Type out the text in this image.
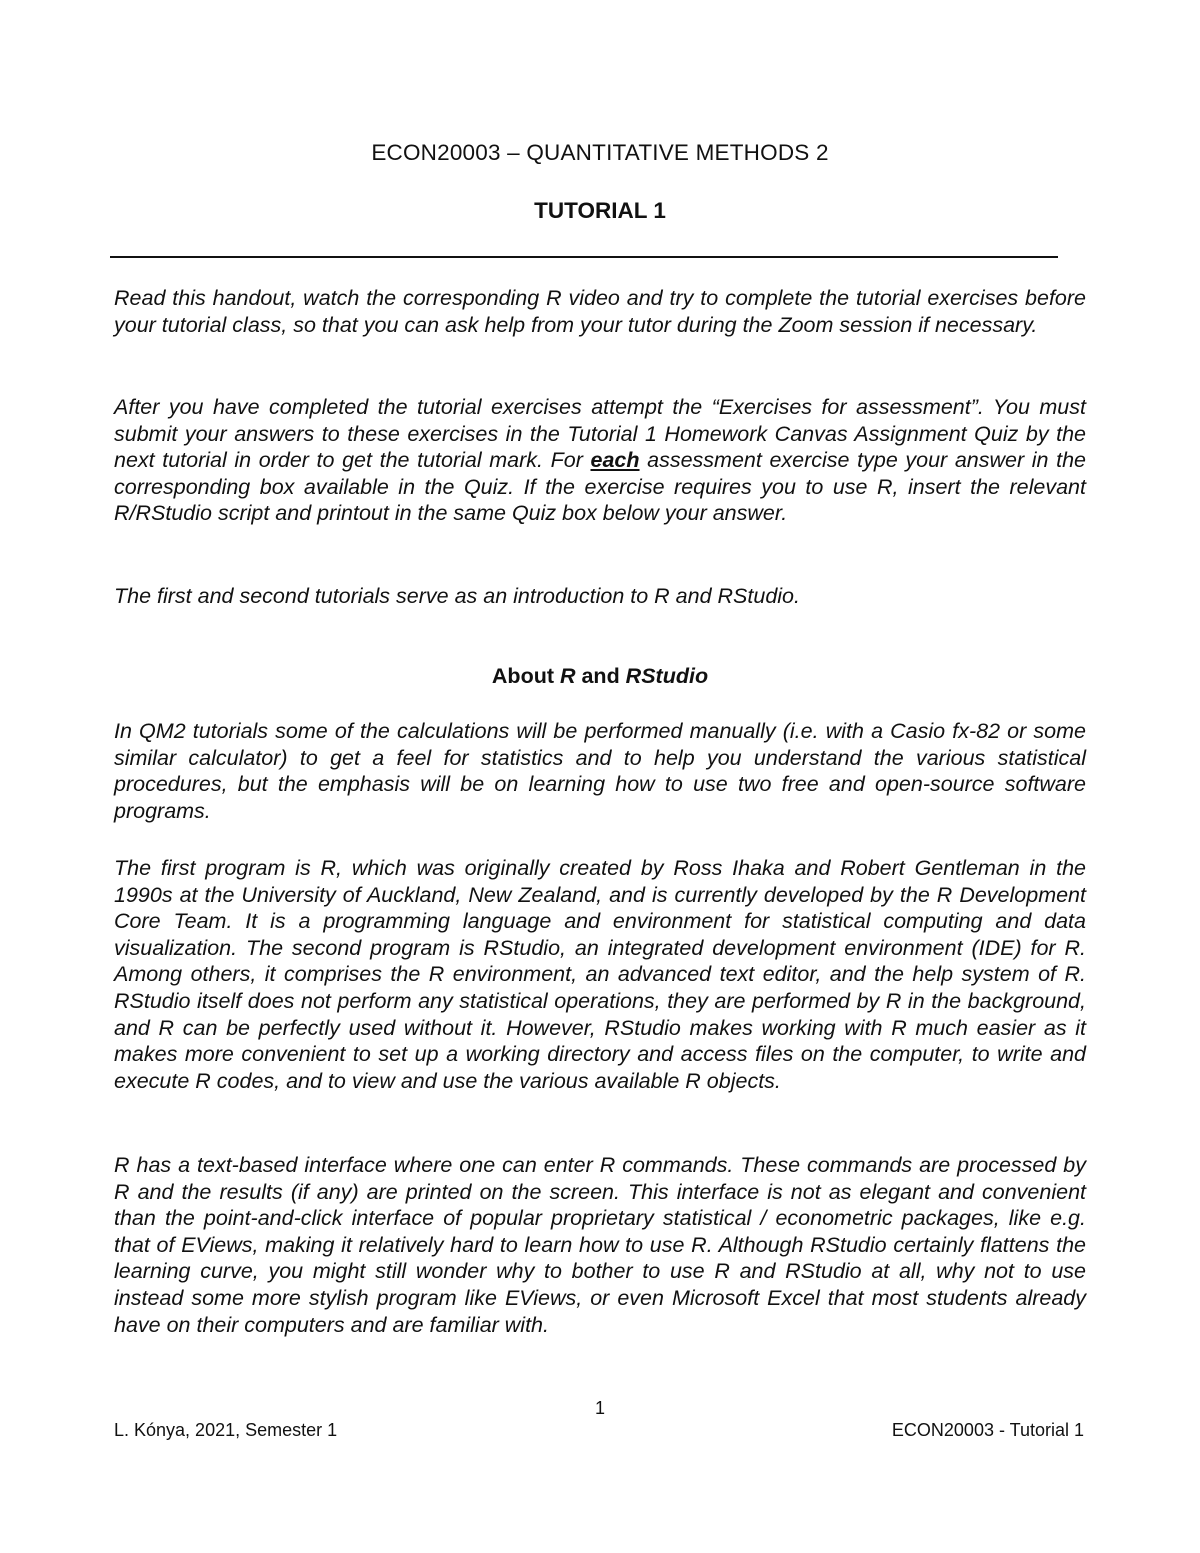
ECON20003 – QUANTITATIVE METHODS 2
TUTORIAL 1

Read this handout, watch the corresponding R video and try to complete the tutorial exercises before your tutorial class, so that you can ask help from your tutor during the Zoom session if necessary.

After you have completed the tutorial exercises attempt the “Exercises for assessment”. You must submit your answers to these exercises in the Tutorial 1 Homework Canvas Assignment Quiz by the next tutorial in order to get the tutorial mark. For each assessment exercise type your answer in the corresponding box available in the Quiz. If the exercise requires you to use R, insert the relevant R/RStudio script and printout in the same Quiz box below your answer.

The first and second tutorials serve as an introduction to R and RStudio.

About R and RStudio

In QM2 tutorials some of the calculations will be performed manually (i.e. with a Casio fx-82 or some similar calculator) to get a feel for statistics and to help you understand the various statistical procedures, but the emphasis will be on learning how to use two free and open-source software programs.

The first program is R, which was originally created by Ross Ihaka and Robert Gentleman in the 1990s at the University of Auckland, New Zealand, and is currently developed by the R Development Core Team. It is a programming language and environment for statistical computing and data visualization. The second program is RStudio, an integrated development environment (IDE) for R. Among others, it comprises the R environment, an advanced text editor, and the help system of R. RStudio itself does not perform any statistical operations, they are performed by R in the background, and R can be perfectly used without it. However, RStudio makes working with R much easier as it makes more convenient to set up a working directory and access files on the computer, to write and execute R codes, and to view and use the various available R objects.

R has a text-based interface where one can enter R commands. These commands are processed by R and the results (if any) are printed on the screen. This interface is not as elegant and convenient than the point-and-click interface of popular proprietary statistical / econometric packages, like e.g. that of EViews, making it relatively hard to learn how to use R. Although RStudio certainly flattens the learning curve, you might still wonder why to bother to use R and RStudio at all, why not to use instead some more stylish program like EViews, or even Microsoft Excel that most students already have on their computers and are familiar with.

1
L. Kónya, 2021, Semester 1	ECON20003 - Tutorial 1
